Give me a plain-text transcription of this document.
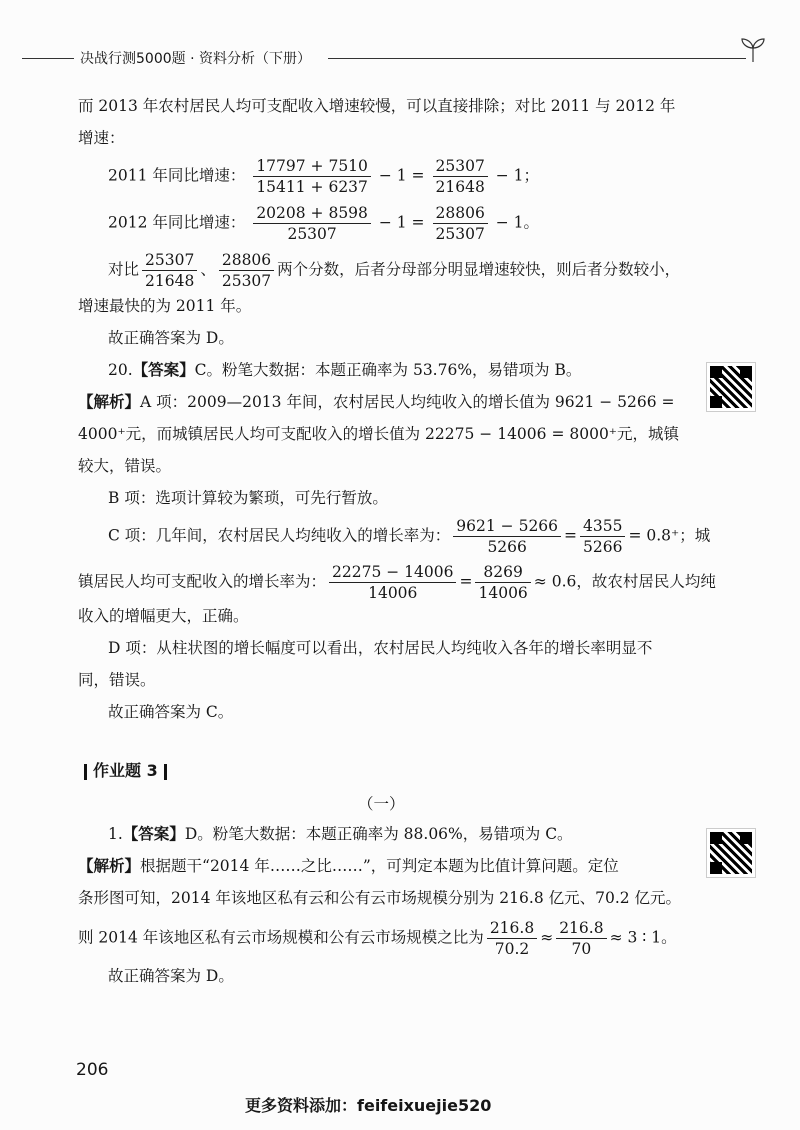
决战行测5000题 · 资料分析（下册）
而 2013 年农村居民人均可支配收入增速较慢，可以直接排除；对比 2011 与 2012 年
增速：
2011 年同比增速： $\frac{17797 + 7510}{15411 + 6237} - 1 = \frac{25307}{21648} - 1$；
2012 年同比增速： $\frac{20208 + 8598}{25307} - 1 = \frac{28806}{25307} - 1$。
对比 $\frac{25307}{21648}$ 、 $\frac{28806}{25307}$ 两个分数，后者分母部分明显增速较快，则后者分数较小，
增速最快的为 2011 年。
故正确答案为 D。
20.【答案】C。粉笔大数据：本题正确率为 53.76%，易错项为 B。
【解析】A 项：2009—2013 年间，农村居民人均纯收入的增长值为 9621 − 5266 =
4000⁺元，而城镇居民人均可支配收入的增长值为 22275 − 14006 = 8000⁺元，城镇
较大，错误。
B 项：选项计算较为繁琐，可先行暂放。
C 项：几年间，农村居民人均纯收入的增长率为： $\frac{9621 - 5266}{5266} = \frac{4355}{5266} = 0.8^+$；城
镇居民人均可支配收入的增长率为： $\frac{22275 - 14006}{14006} = \frac{8269}{14006} \approx 0.6$，故农村居民人均纯
收入的增幅更大，正确。
D 项：从柱状图的增长幅度可以看出，农村居民人均纯收入各年的增长率明显不
同，错误。
故正确答案为 C。
作业题 3
（一）
1.【答案】D。粉笔大数据：本题正确率为 88.06%，易错项为 C。
【解析】根据题干“2014 年……之比……”，可判定本题为比值计算问题。定位
条形图可知，2014 年该地区私有云和公有云市场规模分别为 216.8 亿元、70.2 亿元。
则 2014 年该地区私有云市场规模和公有云市场规模之比为 $\frac{216.8}{70.2} \approx \frac{216.8}{70} \approx 3$ ∶ 1。
故正确答案为 D。
206
更多资料添加：feifeixuejie520
